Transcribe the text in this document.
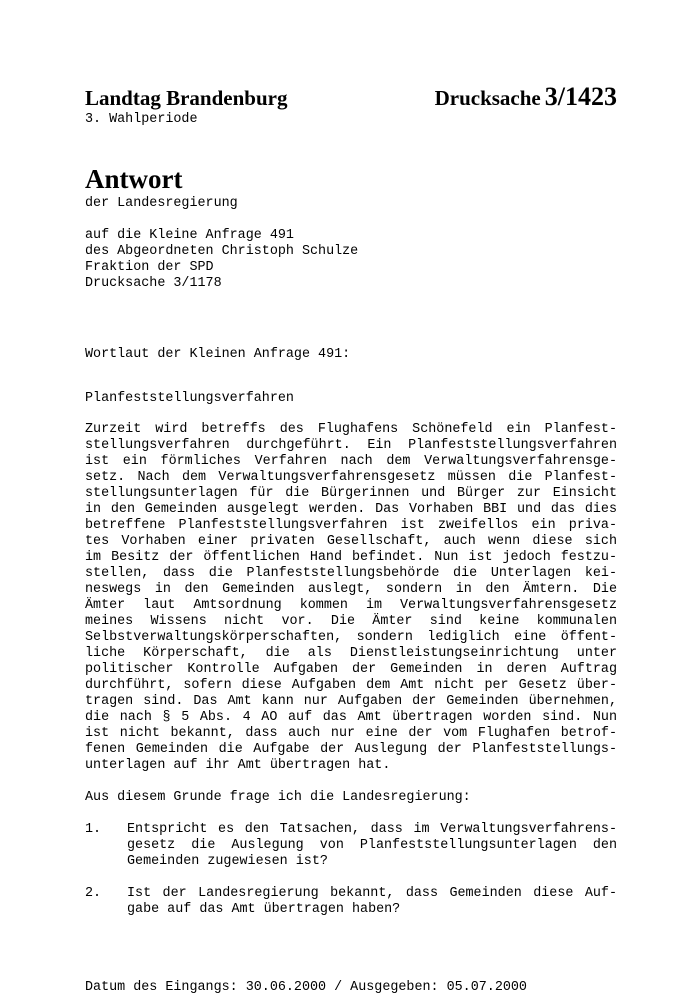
Landtag Brandenburg	Drucksache 3/1423
3. Wahlperiode
Antwort
der Landesregierung
auf die Kleine Anfrage 491
des Abgeordneten Christoph Schulze
Fraktion der SPD
Drucksache 3/1178
Wortlaut der Kleinen Anfrage 491:
Planfeststellungsverfahren
Zurzeit wird betreffs des Flughafens Schönefeld ein Planfest-
stellungsverfahren durchgeführt. Ein Planfeststellungsverfahren
ist ein förmliches Verfahren nach dem Verwaltungsverfahrensge-
setz. Nach dem Verwaltungsverfahrensgesetz müssen die Planfest-
stellungsunterlagen für die Bürgerinnen und Bürger zur Einsicht
in den Gemeinden ausgelegt werden. Das Vorhaben BBI und das dies
betreffene Planfeststellungsverfahren ist zweifellos ein priva-
tes Vorhaben einer privaten Gesellschaft, auch wenn diese sich
im Besitz der öffentlichen Hand befindet. Nun ist jedoch festzu-
stellen, dass die Planfeststellungsbehörde die Unterlagen kei-
neswegs in den Gemeinden auslegt, sondern in den Ämtern. Die
Ämter laut Amtsordnung kommen im Verwaltungsverfahrensgesetz
meines Wissens nicht vor. Die Ämter sind keine kommunalen
Selbstverwaltungskörperschaften, sondern lediglich eine öffent-
liche Körperschaft, die als Dienstleistungseinrichtung unter
politischer Kontrolle Aufgaben der Gemeinden in deren Auftrag
durchführt, sofern diese Aufgaben dem Amt nicht per Gesetz über-
tragen sind. Das Amt kann nur Aufgaben der Gemeinden übernehmen,
die nach § 5 Abs. 4 AO auf das Amt übertragen worden sind. Nun
ist nicht bekannt, dass auch nur eine der vom Flughafen betrof-
fenen Gemeinden die Aufgabe der Auslegung der Planfeststellungs-
unterlagen auf ihr Amt übertragen hat.
Aus diesem Grunde frage ich die Landesregierung:
1.	Entspricht es den Tatsachen, dass im Verwaltungsverfahrens-
gesetz die Auslegung von Planfeststellungsunterlagen den
Gemeinden zugewiesen ist?
2.	Ist der Landesregierung bekannt, dass Gemeinden diese Auf-
gabe auf das Amt übertragen haben?
Datum des Eingangs: 30.06.2000 / Ausgegeben: 05.07.2000
